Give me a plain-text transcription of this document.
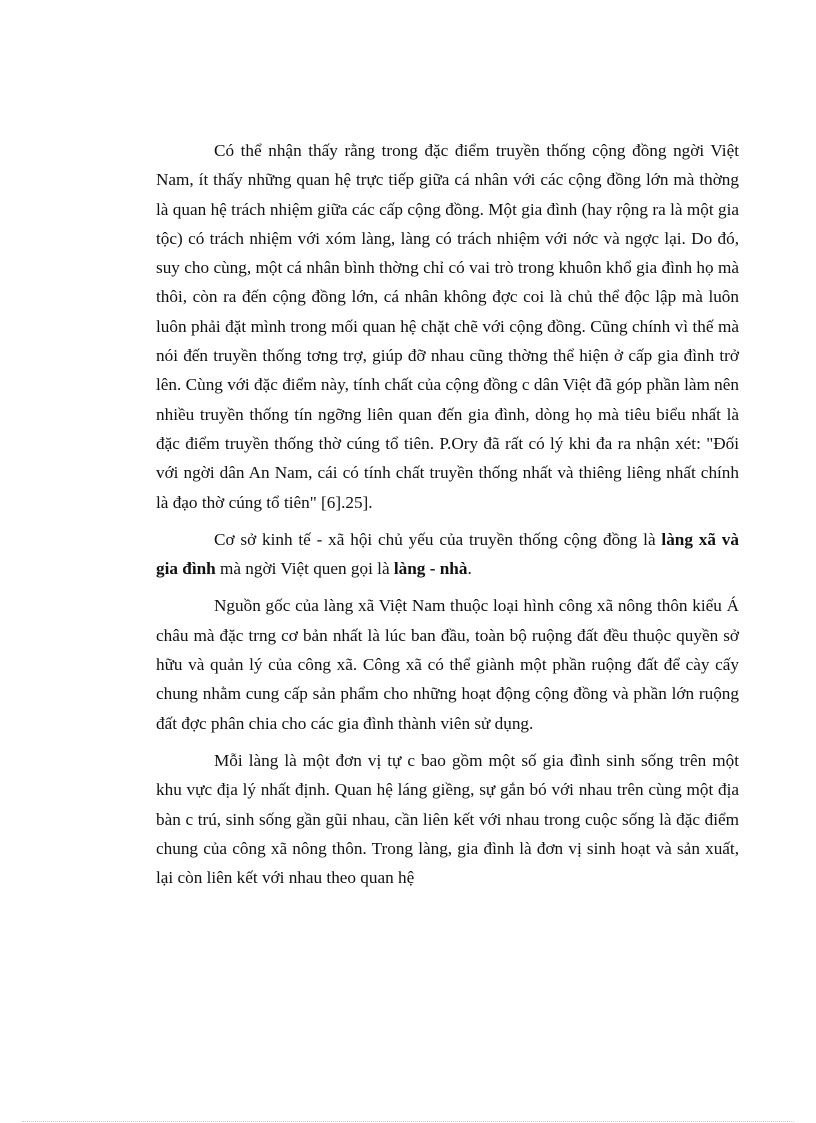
Có thể nhận thấy rằng trong đặc điểm truyền thống cộng đồng ngời Việt Nam, ít thấy những quan hệ trực tiếp giữa cá nhân với các cộng đồng lớn mà thờng là quan hệ trách nhiệm giữa các cấp cộng đồng. Một gia đình (hay rộng ra là một gia tộc) có trách nhiệm với xóm làng, làng có trách nhiệm với nớc và ngợc lại. Do đó, suy cho cùng, một cá nhân bình thờng chỉ có vai trò trong khuôn khổ gia đình họ mà thôi, còn ra đến cộng đồng lớn, cá nhân không đợc coi là chủ thể độc lập mà luôn luôn phải đặt mình trong mối quan hệ chặt chẽ với cộng đồng. Cũng chính vì thế mà nói đến truyền thống tơng trợ, giúp đỡ nhau cũng thờng thể hiện ở cấp gia đình trở lên. Cùng với đặc điểm này, tính chất của cộng đồng c dân Việt đã góp phần làm nên nhiều truyền thống tín ngỡng liên quan đến gia đình, dòng họ mà tiêu biểu nhất là đặc điểm truyền thống thờ cúng tổ tiên. P.Ory đã rất có lý khi đa ra nhận xét: "Đối với ngời dân An Nam, cái có tính chất truyền thống nhất và thiêng liêng nhất chính là đạo thờ cúng tổ tiên" [6].25].

Cơ sở kinh tế - xã hội chủ yếu của truyền thống cộng đồng là làng xã và gia đình mà ngời Việt quen gọi là làng - nhà.

Nguồn gốc của làng xã Việt Nam thuộc loại hình công xã nông thôn kiểu Á châu mà đặc trng cơ bản nhất là lúc ban đầu, toàn bộ ruộng đất đều thuộc quyền sở hữu và quản lý của công xã. Công xã có thể giành một phần ruộng đất để cày cấy chung nhằm cung cấp sản phẩm cho những hoạt động cộng đồng và phần lớn ruộng đất đợc phân chia cho các gia đình thành viên sử dụng.

Mỗi làng là một đơn vị tự c bao gồm một số gia đình sinh sống trên một khu vực địa lý nhất định. Quan hệ láng giềng, sự gắn bó với nhau trên cùng một địa bàn c trú, sinh sống gần gũi nhau, cần liên kết với nhau trong cuộc sống là đặc điểm chung của công xã nông thôn. Trong làng, gia đình là đơn vị sinh hoạt và sản xuất, lại còn liên kết với nhau theo quan hệ
